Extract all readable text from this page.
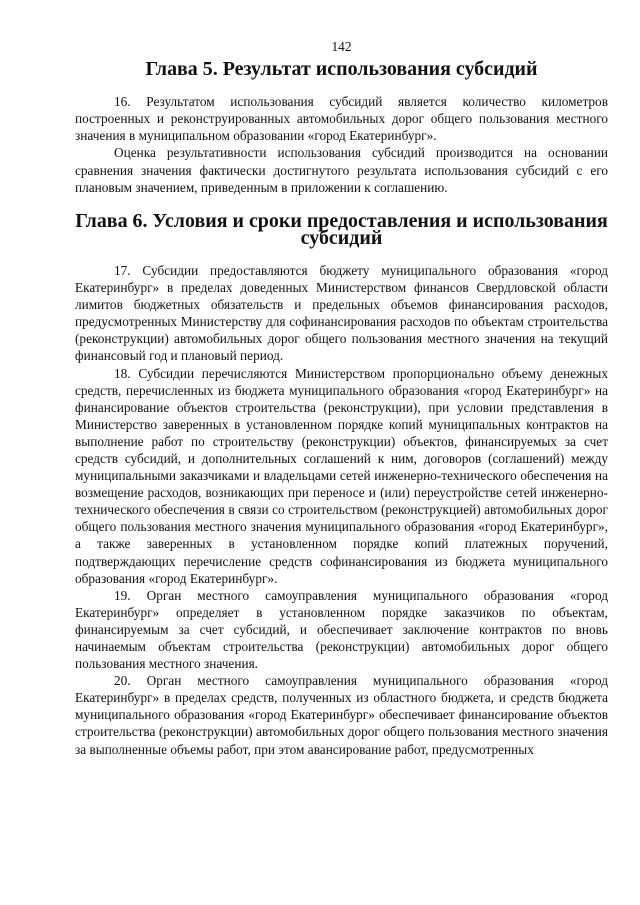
142
Глава 5. Результат использования субсидий

16. Результатом использования субсидий является количество километров построенных и реконструированных автомобильных дорог общего пользования местного значения в муниципальном образовании «город Екатеринбург».

Оценка результативности использования субсидий производится на основании сравнения значения фактически достигнутого результата использования субсидий с его плановым значением, приведенным в приложении к соглашению.

Глава 6. Условия и сроки предоставления и использования субсидий

17. Субсидии предоставляются бюджету муниципального образования «город Екатеринбург» в пределах доведенных Министерством финансов Свердловской области лимитов бюджетных обязательств и предельных объемов финансирования расходов, предусмотренных Министерству для софинансирования расходов по объектам строительства (реконструкции) автомобильных дорог общего пользования местного значения на текущий финансовый год и плановый период.

18. Субсидии перечисляются Министерством пропорционально объему денежных средств, перечисленных из бюджета муниципального образования «город Екатеринбург» на финансирование объектов строительства (реконструкции), при условии представления в Министерство заверенных в установленном порядке копий муниципальных контрактов на выполнение работ по строительству (реконструкции) объектов, финансируемых за счет средств субсидий, и дополнительных соглашений к ним, договоров (соглашений) между муниципальными заказчиками и владельцами сетей инженерно-технического обеспечения на возмещение расходов, возникающих при переносе и (или) переустройстве сетей инженерно-технического обеспечения в связи со строительством (реконструкцией) автомобильных дорог общего пользования местного значения муниципального образования «город Екатеринбург», а также заверенных в установленном порядке копий платежных поручений, подтверждающих перечисление средств софинансирования из бюджета муниципального образования «город Екатеринбург».

19. Орган местного самоуправления муниципального образования «город Екатеринбург» определяет в установленном порядке заказчиков по объектам, финансируемым за счет субсидий, и обеспечивает заключение контрактов по вновь начинаемым объектам строительства (реконструкции) автомобильных дорог общего пользования местного значения.

20. Орган местного самоуправления муниципального образования «город Екатеринбург» в пределах средств, полученных из областного бюджета, и средств бюджета муниципального образования «город Екатеринбург» обеспечивает финансирование объектов строительства (реконструкции) автомобильных дорог общего пользования местного значения за выполненные объемы работ, при этом авансирование работ, предусмотренных
